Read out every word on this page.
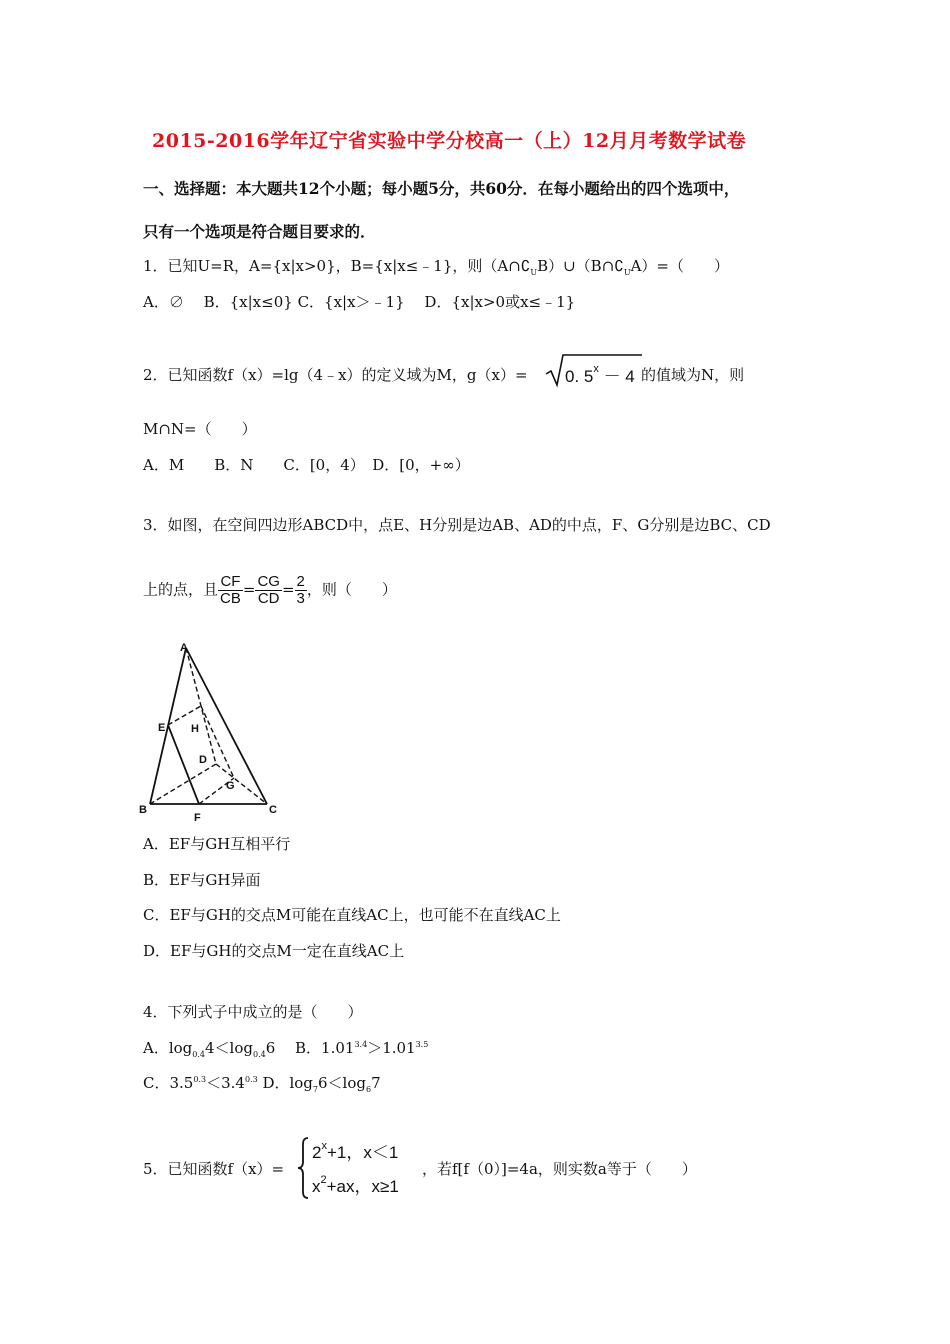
2015-2016学年辽宁省实验中学分校高一（上）12月月考数学试卷
一、选择题：本大题共12个小题；每小题5分，共60分．在每小题给出的四个选项中，
只有一个选项是符合题目要求的．
1．已知U=R，A={x|x>0}，B={x|x≤﹣1}，则$(A\cap∁_UB)\cup(B\cap∁_UA)=$（　　）
A．∅　 B．{x|x≤0} C．{x|x＞﹣1}　 D．{x|x>0或x≤﹣1}
2．已知函数f（x）=lg（4﹣x）的定义域为M，g（x）= 0. $5^x - 4$ 的值域为N，则
M∩N=（　　）
A．M　　B．N　　C．[0，4）　D．[0，+∞）
3．如图，在空间四边形ABCD中，点E、H分别是边AB、AD的中点，F、G分别是边BC、CD
上的点，且 $\frac{CF}{CB} = \frac{CG}{CD} = \frac{2}{3}$ ，则（　　）
A
B	C
D
E
F
G
H
A．EF与GH互相平行
B．EF与GH异面
C．EF与GH的交点M可能在直线AC上，也可能不在直线AC上
D．EF与GH的交点M一定在直线AC上
4．下列式子中成立的是（　　）
A．$\log_{0.4}4<\log_{0.4}6$　 B．$1.01^{3.4}>1.01^{3.5}$
C．$3.5^{0.3}<3.4^{0.3}$ D．$\log_76<\log_67$
5．已知函数f（x）=
$2^x+1$，x＜1
$x^2+ax$，x≥1
，若f[f（0）]=4a，则实数a等于（　　）
